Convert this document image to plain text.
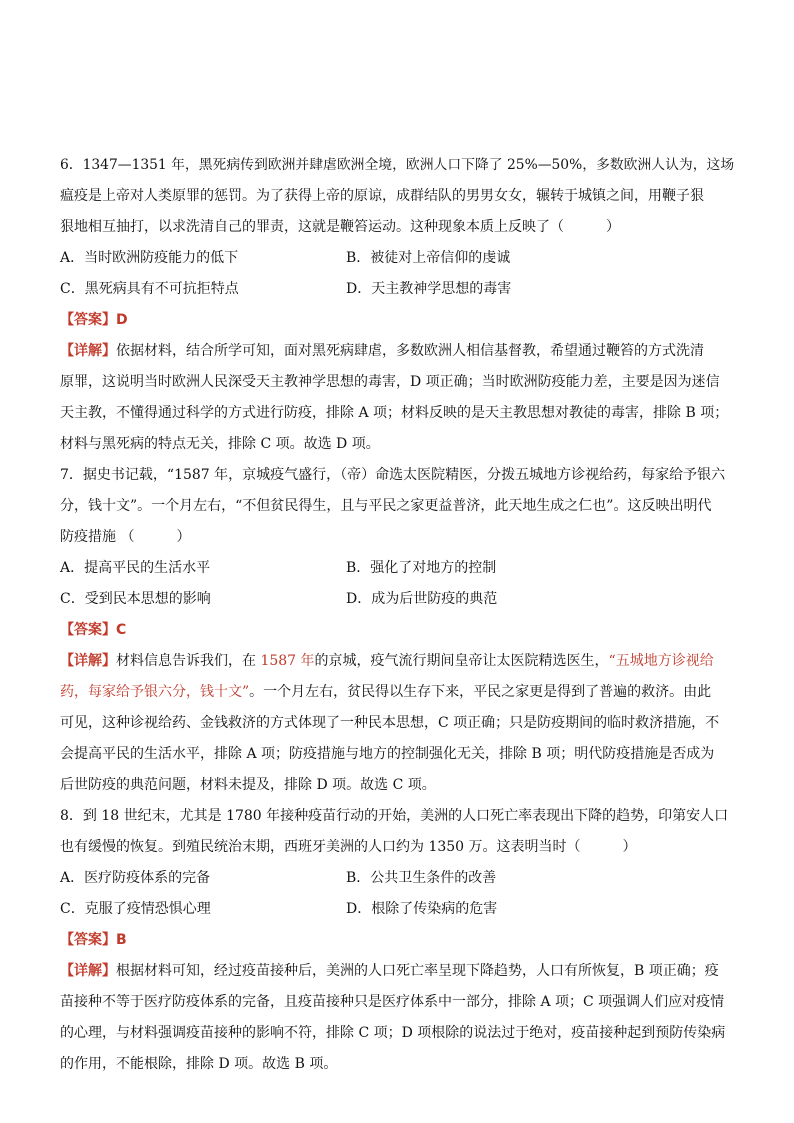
6．1347—1351 年，黑死病传到欧洲并肆虐欧洲全境，欧洲人口下降了 25%—50%，多数欧洲人认为，这场
瘟疫是上帝对人类原罪的惩罚。为了获得上帝的原谅，成群结队的男男女女，辗转于城镇之间，用鞭子狠
狠地相互抽打，以求洗清自己的罪责，这就是鞭笞运动。这种现象本质上反映了（　　　）
A．当时欧洲防疫能力的低下	B．被徒对上帝信仰的虔诚
C．黑死病具有不可抗拒特点	D．天主教神学思想的毒害
【答案】D
【详解】依据材料，结合所学可知，面对黑死病肆虐，多数欧洲人相信基督教，希望通过鞭笞的方式洗清
原罪，这说明当时欧洲人民深受天主教神学思想的毒害，D 项正确；当时欧洲防疫能力差，主要是因为迷信
天主教，不懂得通过科学的方式进行防疫，排除 A 项；材料反映的是天主教思想对教徒的毒害，排除 B 项；
材料与黑死病的特点无关，排除 C 项。故选 D 项。
7．据史书记载，“1587 年，京城疫气盛行，（帝）命选太医院精医，分拨五城地方诊视给药，每家给予银六
分，钱十文”。一个月左右，“不但贫民得生，且与平民之家更益普济，此天地生成之仁也”。这反映出明代
防疫措施 （　　　）
A．提高平民的生活水平	B．强化了对地方的控制
C．受到民本思想的影响	D．成为后世防疫的典范
【答案】C
【详解】材料信息告诉我们，在 1587 年的京城，疫气流行期间皇帝让太医院精选医生，“五城地方诊视给
药，每家给予银六分，钱十文”。一个月左右，贫民得以生存下来，平民之家更是得到了普遍的救济。由此
可见，这种诊视给药、金钱救济的方式体现了一种民本思想，C 项正确；只是防疫期间的临时救济措施，不
会提高平民的生活水平，排除 A 项；防疫措施与地方的控制强化无关，排除 B 项；明代防疫措施是否成为
后世防疫的典范问题，材料未提及，排除 D 项。故选 C 项。
8．到 18 世纪末，尤其是 1780 年接种疫苗行动的开始，美洲的人口死亡率表现出下降的趋势，印第安人口
也有缓慢的恢复。到殖民统治末期，西班牙美洲的人口约为 1350 万。这表明当时（　　　）
A．医疗防疫体系的完备	B．公共卫生条件的改善
C．克服了疫情恐惧心理	D．根除了传染病的危害
【答案】B
【详解】根据材料可知，经过疫苗接种后，美洲的人口死亡率呈现下降趋势，人口有所恢复，B 项正确；疫
苗接种不等于医疗防疫体系的完备，且疫苗接种只是医疗体系中一部分，排除 A 项；C 项强调人们应对疫情
的心理，与材料强调疫苗接种的影响不符，排除 C 项；D 项根除的说法过于绝对，疫苗接种起到预防传染病
的作用，不能根除，排除 D 项。故选 B 项。
